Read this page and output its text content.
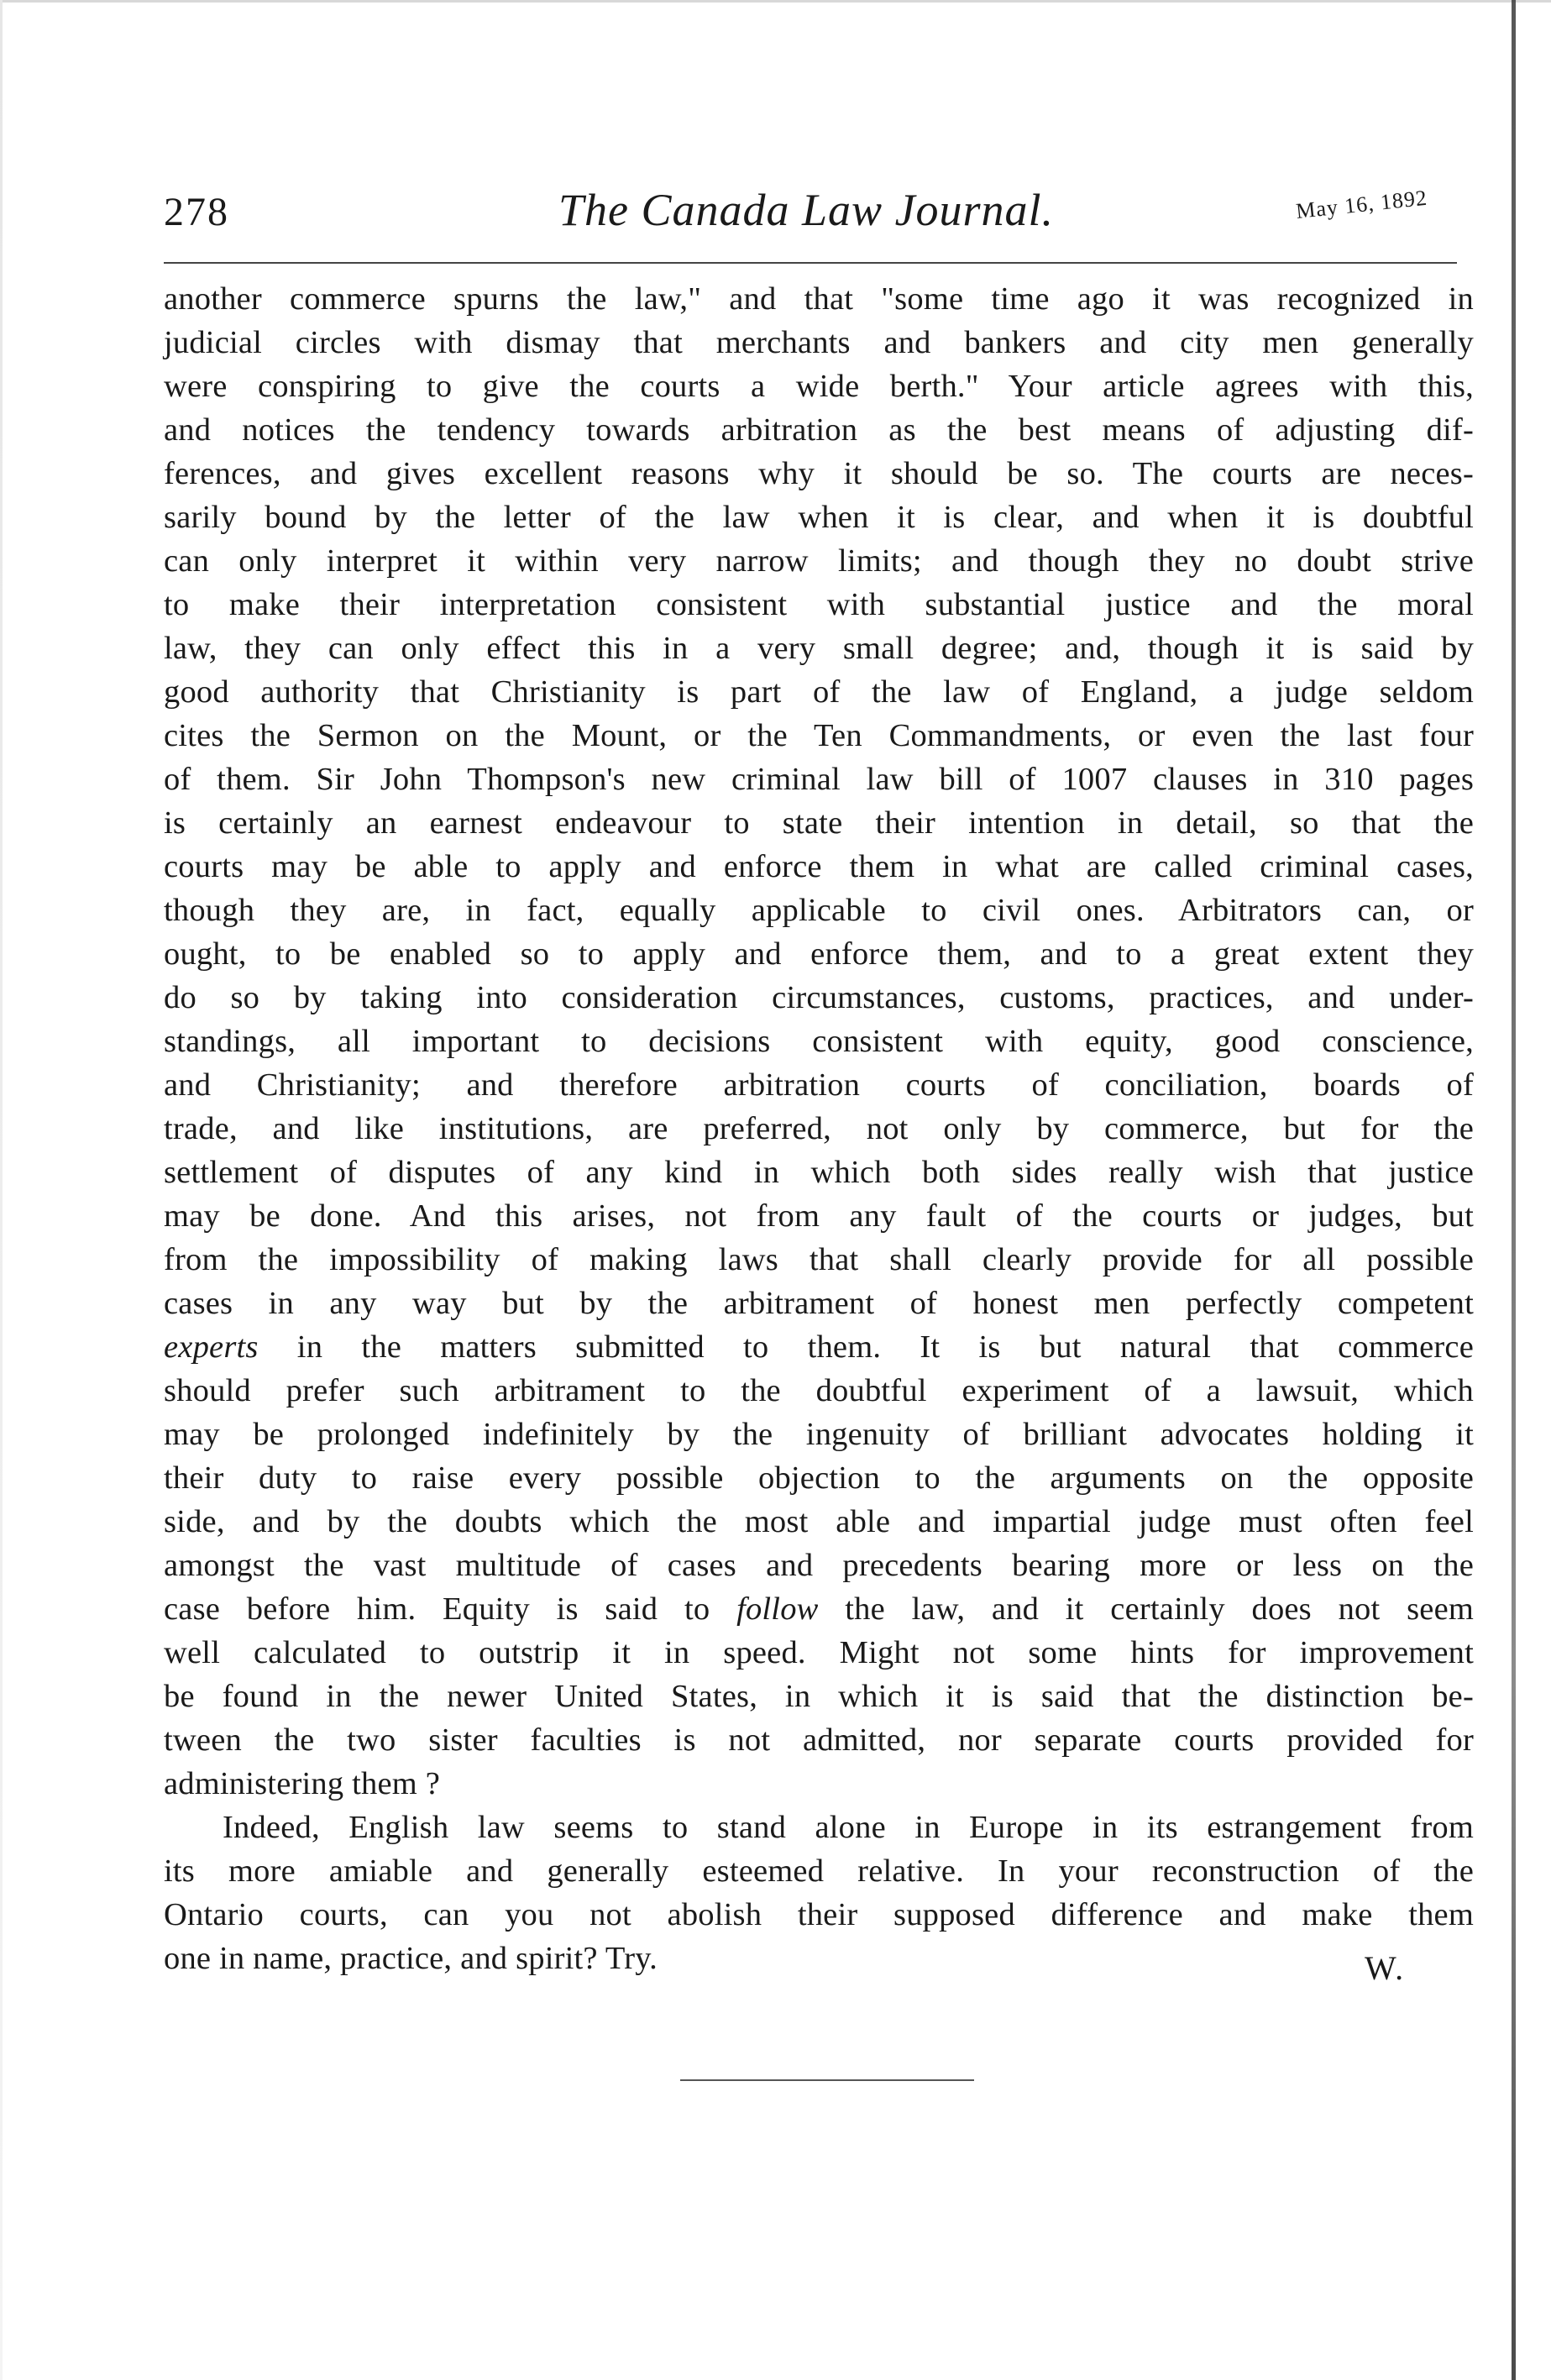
278	The Canada Law Journal.	May 16, 1892
another commerce spurns the law," and that "some time ago it was recognized in
judicial circles with dismay that merchants and bankers and city men generally
were conspiring to give the courts a wide berth." Your article agrees with this,
and notices the tendency towards arbitration as the best means of adjusting dif-
ferences, and gives excellent reasons why it should be so. The courts are neces-
sarily bound by the letter of the law when it is clear, and when it is doubtful
can only interpret it within very narrow limits; and though they no doubt strive
to make their interpretation consistent with substantial justice and the moral
law, they can only effect this in a very small degree; and, though it is said by
good authority that Christianity is part of the law of England, a judge seldom
cites the Sermon on the Mount, or the Ten Commandments, or even the last four
of them. Sir John Thompson's new criminal law bill of 1007 clauses in 310 pages
is certainly an earnest endeavour to state their intention in detail, so that the
courts may be able to apply and enforce them in what are called criminal cases,
though they are, in fact, equally applicable to civil ones. Arbitrators can, or
ought, to be enabled so to apply and enforce them, and to a great extent they
do so by taking into consideration circumstances, customs, practices, and under-
standings, all important to decisions consistent with equity, good conscience,
and Christianity; and therefore arbitration courts of conciliation, boards of
trade, and like institutions, are preferred, not only by commerce, but for the
settlement of disputes of any kind in which both sides really wish that justice
may be done. And this arises, not from any fault of the courts or judges, but
from the impossibility of making laws that shall clearly provide for all possible
cases in any way but by the arbitrament of honest men perfectly competent
experts in the matters submitted to them. It is but natural that commerce
should prefer such arbitrament to the doubtful experiment of a lawsuit, which
may be prolonged indefinitely by the ingenuity of brilliant advocates holding it
their duty to raise every possible objection to the arguments on the opposite
side, and by the doubts which the most able and impartial judge must often feel
amongst the vast multitude of cases and precedents bearing more or less on the
case before him. Equity is said to follow the law, and it certainly does not seem
well calculated to outstrip it in speed. Might not some hints for improvement
be found in the newer United States, in which it is said that the distinction be-
tween the two sister faculties is not admitted, nor separate courts provided for
administering them ?
Indeed, English law seems to stand alone in Europe in its estrangement from
its more amiable and generally esteemed relative. In your reconstruction of the
Ontario courts, can you not abolish their supposed difference and make them
one in name, practice, and spirit? Try.	W.
